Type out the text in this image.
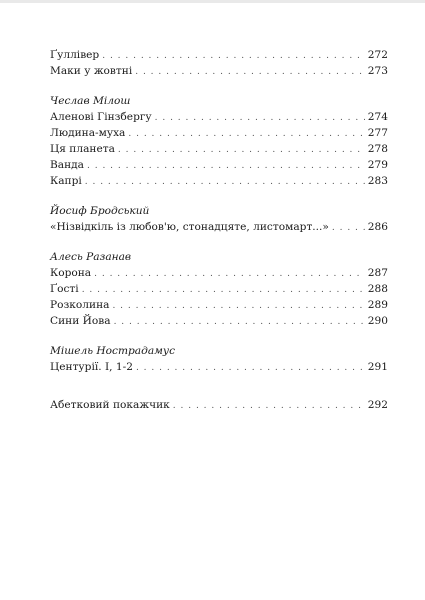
Ґуллівер . . .	272
Маки у жовтні . . .	273
Чеслав Мілош
Аленові Гінзбергу . . .	274
Людина-муха . . .	277
Ця планета . . .	278
Ванда . . .	279
Капрі . . .	283
Йосиф Бродський
«Нізвідкіль із любов'ю, стонадцяте, листомарт...» . . .	286
Алесь Разанав
Корона . . .	287
Ґості . . .	288
Розколина . . .	289
Сини Йова . . .	290
Мішель Нострадамус
Центурії. I, 1-2 . . .	291
Абетковий покажчик . . .	292
